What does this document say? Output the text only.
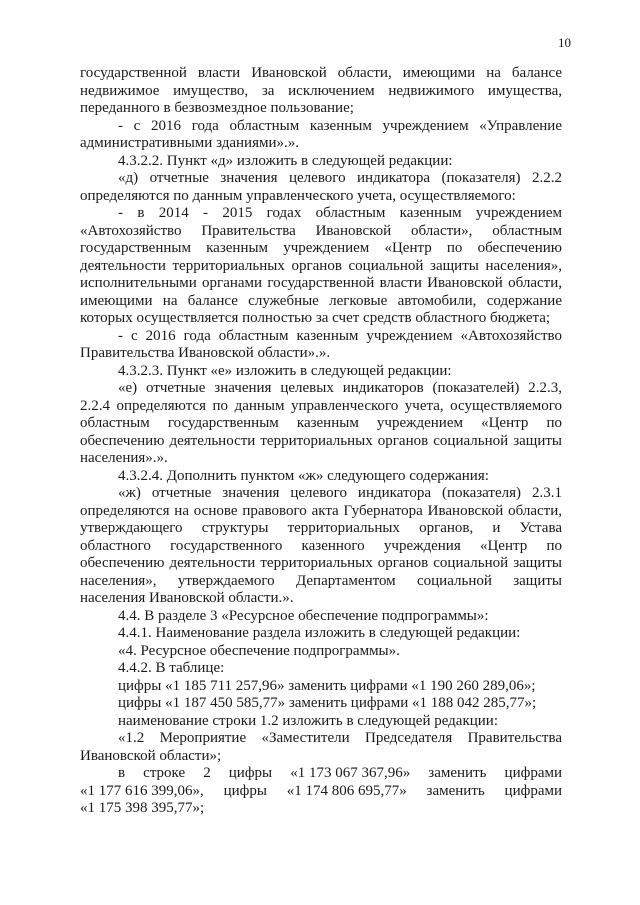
10
государственной власти Ивановской области, имеющими на балансе
недвижимое имущество, за исключением недвижимого имущества,
переданного в безвозмездное пользование;
- с 2016 года областным казенным учреждением «Управление
административными зданиями».».
4.3.2.2. Пункт «д» изложить в следующей редакции:
«д) отчетные значения целевого индикатора (показателя) 2.2.2
определяются по данным управленческого учета, осуществляемого:
- в 2014 - 2015 годах областным казенным учреждением
«Автохозяйство Правительства Ивановской области», областным
государственным казенным учреждением «Центр по обеспечению
деятельности территориальных органов социальной защиты населения»,
исполнительными органами государственной власти Ивановской области,
имеющими на балансе служебные легковые автомобили, содержание
которых осуществляется полностью за счет средств областного бюджета;
- с 2016 года областным казенным учреждением «Автохозяйство
Правительства Ивановской области».».
4.3.2.3. Пункт «е» изложить в следующей редакции:
«е) отчетные значения целевых индикаторов (показателей) 2.2.3,
2.2.4 определяются по данным управленческого учета, осуществляемого
областным государственным казенным учреждением «Центр по
обеспечению деятельности территориальных органов социальной защиты
населения».».
4.3.2.4. Дополнить пунктом «ж» следующего содержания:
«ж) отчетные значения целевого индикатора (показателя) 2.3.1
определяются на основе правового акта Губернатора Ивановской области,
утверждающего структуры территориальных органов, и Устава
областного государственного казенного учреждения «Центр по
обеспечению деятельности территориальных органов социальной защиты
населения», утверждаемого Департаментом социальной защиты
населения Ивановской области.».
4.4. В разделе 3 «Ресурсное обеспечение подпрограммы»:
4.4.1. Наименование раздела изложить в следующей редакции:
«4. Ресурсное обеспечение подпрограммы».
4.4.2. В таблице:
цифры «1 185 711 257,96» заменить цифрами «1 190 260 289,06»;
цифры «1 187 450 585,77» заменить цифрами «1 188 042 285,77»;
наименование строки 1.2 изложить в следующей редакции:
«1.2 Мероприятие «Заместители Председателя Правительства
Ивановской области»;
в строке 2 цифры «1 173 067 367,96» заменить цифрами
«1 177 616 399,06», цифры «1 174 806 695,77» заменить цифрами
«1 175 398 395,77»;
